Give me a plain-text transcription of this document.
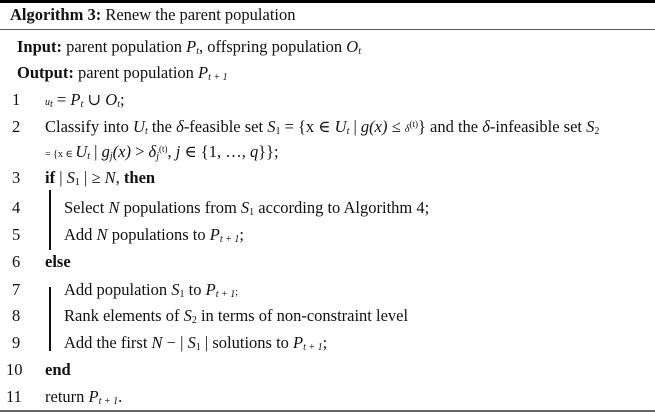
Algorithm 3: Renew the parent population
Input: parent population $P_t$, offspring population $O_t$
Output: parent population $P_{t + 1}$
1	$u_t = P_t$ ∪ $O_t$;
2	Classify into $U_t$ the δ-feasible set $S_1 = \{x$ ∈ $U_t$ | $g(x) \le \delta^{(t)}$} and the δ-infeasible set $S_2$
= {x ∈ $U_t$ | $g_j(x) > \delta_j^{(t)}$, j ∈ {1, …, q}};
3	if | $S_1$ | ≥ N, then
4	Select N populations from $S_1$ according to Algorithm 4;
5	Add N populations to $P_{t + 1}$;
6	else
7	Add population $S_1$ to $P_{t + 1}$;
8	Rank elements of $S_2$ in terms of non-constraint level
9	Add the first N − | $S_1$ | solutions to $P_{t + 1}$;
10	end
11	return $P_{t + 1}$.
